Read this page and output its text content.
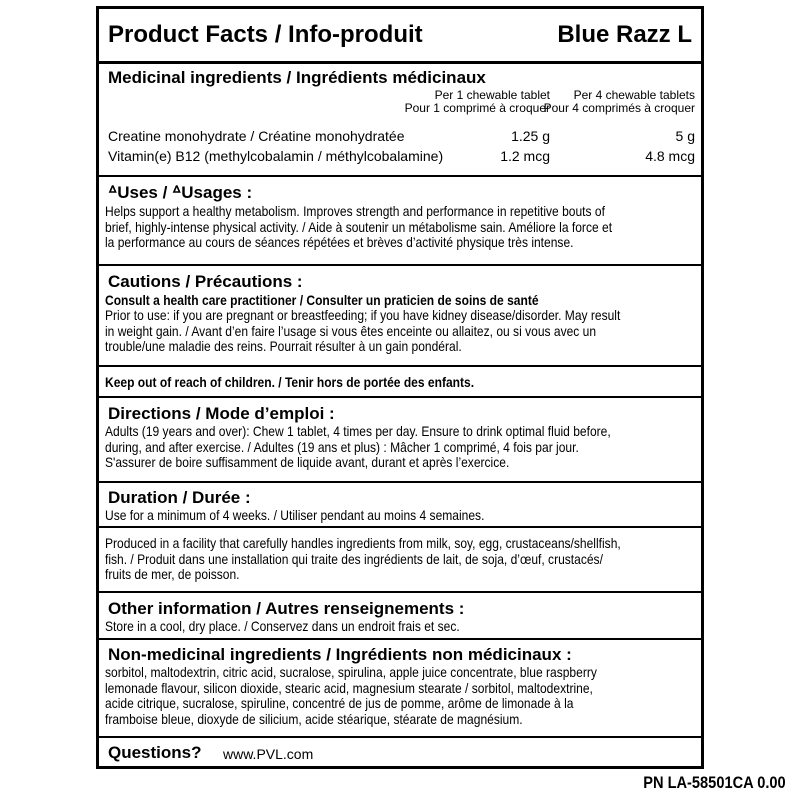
Product Facts / Info-produit	Blue Razz L
Medicinal ingredients / Ingrédients médicinaux
Per 1 chewable tablet
Pour 1 comprimé à croquer
Per 4 chewable tablets
Pour 4 comprimés à croquer
Creatine monohydrate / Créatine monohydratée	1.25 g	5 g
Vitamin(e) B12 (methylcobalamin / méthylcobalamine)	1.2 mcg	4.8 mcg
ᐞUses / ᐞUsages :
Helps support a healthy metabolism. Improves strength and performance in repetitive bouts of
brief, highly-intense physical activity. / Aide à soutenir un métabolisme sain. Améliore la force et
la performance au cours de séances répétées et brèves d’activité physique très intense.
Cautions / Précautions :
Consult a health care practitioner / Consulter un praticien de soins de santé
Prior to use: if you are pregnant or breastfeeding; if you have kidney disease/disorder. May result
in weight gain. / Avant d’en faire l’usage si vous êtes enceinte ou allaitez, ou si vous avec un
trouble/une maladie des reins. Pourrait résulter à un gain pondéral.
Keep out of reach of children. / Tenir hors de portée des enfants.
Directions / Mode d’emploi :
Adults (19 years and over): Chew 1 tablet, 4 times per day. Ensure to drink optimal fluid before,
during, and after exercise. / Adultes (19 ans et plus) : Mâcher 1 comprimé, 4 fois par jour.
S'assurer de boire suffisamment de liquide avant, durant et après l’exercice.
Duration / Durée :
Use for a minimum of 4 weeks. / Utiliser pendant au moins 4 semaines.
Produced in a facility that carefully handles ingredients from milk, soy, egg, crustaceans/shellfish,
fish. / Produit dans une installation qui traite des ingrédients de lait, de soja, d’œuf, crustacés/
fruits de mer, de poisson.
Other information / Autres renseignements :
Store in a cool, dry place. / Conservez dans un endroit frais et sec.
Non-medicinal ingredients / Ingrédients non médicinaux :
sorbitol, maltodextrin, citric acid, sucralose, spirulina, apple juice concentrate, blue raspberry
lemonade flavour, silicon dioxide, stearic acid, magnesium stearate / sorbitol, maltodextrine,
acide citrique, sucralose, spiruline, concentré de jus de pomme, arôme de limonade à la
framboise bleue, dioxyde de silicium, acide stéarique, stéarate de magnésium.
Questions? www.PVL.com
PN LA-58501CA 0.00
